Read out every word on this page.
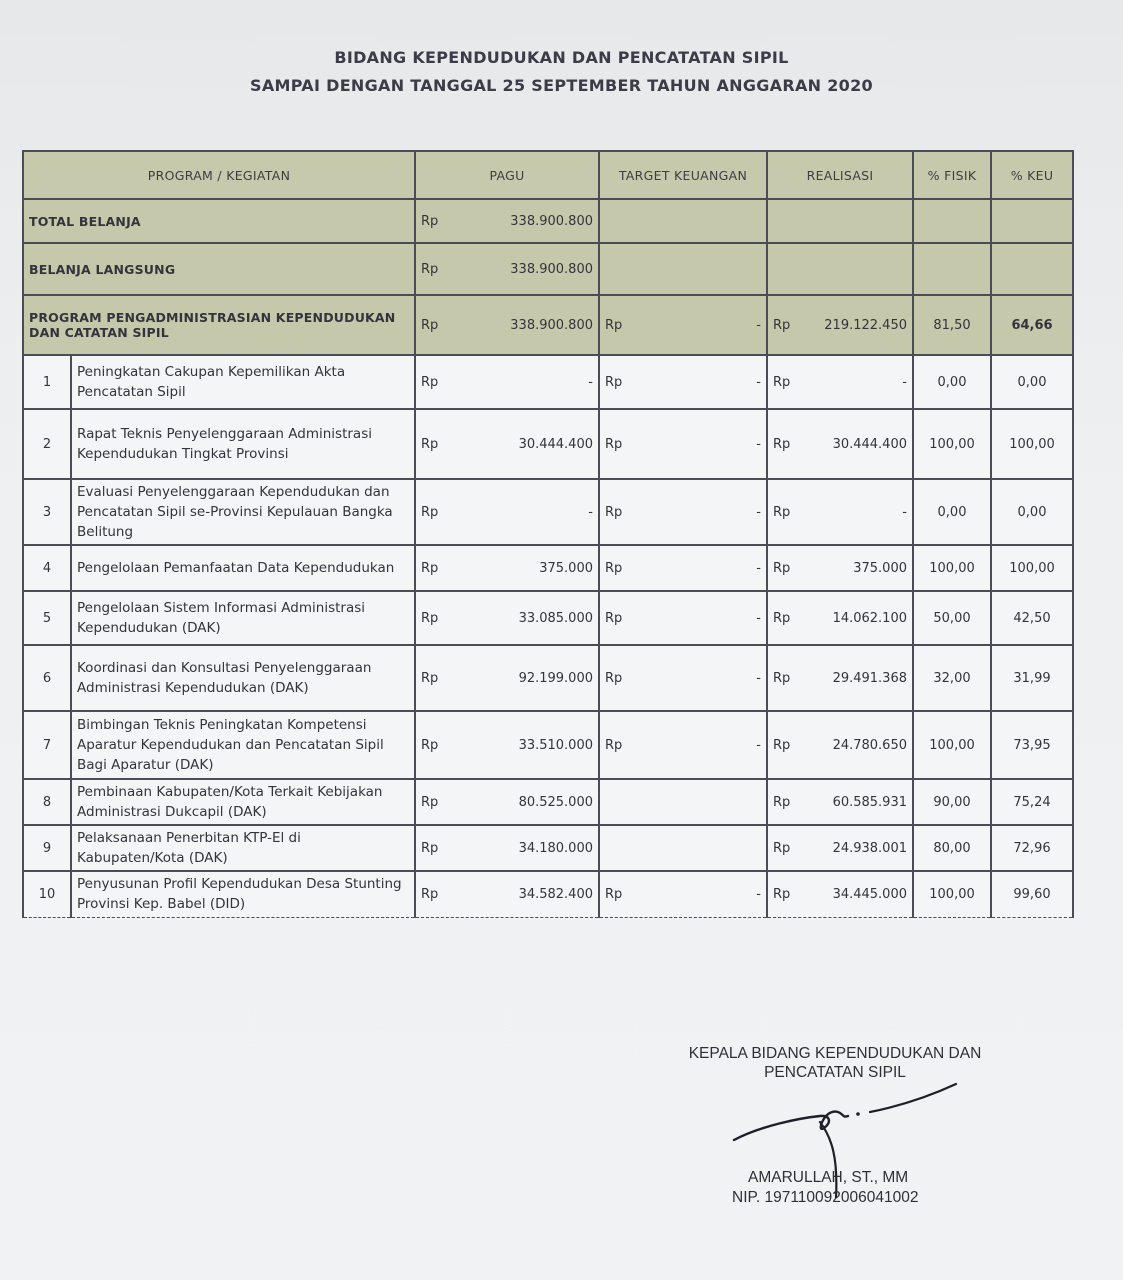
BIDANG KEPENDUDUKAN DAN PENCATATAN SIPIL
SAMPAI DENGAN TANGGAL 25 SEPTEMBER TAHUN ANGGARAN 2020
PROGRAM / KEGIATAN		PAGU	TARGET KEUANGAN	REALISASI	% FISIK	% KEU
TOTAL BELANJA		Rp 338.900.800				

BELANJA LANGSUNG		Rp 338.900.800				

PROGRAM PENGADMINISTRASIAN KEPENDUDUKAN DAN CATATAN SIPIL		Rp 338.900.800	Rp -	Rp 219.122.450	81,50	64,66
1	Peningkatan Cakupan Kepemilikan Akta Pencatatan Sipil	Rp -	Rp -	Rp -	0,00	0,00
2	Rapat Teknis Penyelenggaraan Administrasi Kependudukan Tingkat Provinsi	Rp 30.444.400	Rp -	Rp 30.444.400	100,00	100,00
3	Evaluasi Penyelenggaraan Kependudukan dan Pencatatan Sipil se-Provinsi Kepulauan Bangka Belitung	Rp -	Rp -	Rp -	0,00	0,00
4	Pengelolaan Pemanfaatan Data Kependudukan	Rp 375.000	Rp -	Rp 375.000	100,00	100,00
5	Pengelolaan Sistem Informasi Administrasi Kependudukan (DAK)	Rp 33.085.000	Rp -	Rp 14.062.100	50,00	42,50
6	Koordinasi dan Konsultasi Penyelenggaraan Administrasi Kependudukan (DAK)	Rp 92.199.000	Rp -	Rp 29.491.368	32,00	31,99
7	Bimbingan Teknis Peningkatan Kompetensi Aparatur Kependudukan dan Pencatatan Sipil Bagi Aparatur (DAK)	Rp 33.510.000	Rp -	Rp 24.780.650	100,00	73,95
8	Pembinaan Kabupaten/Kota Terkait Kebijakan Administrasi Dukcapil (DAK)	Rp 80.525.000		Rp 60.585.931	90,00	75,24
9	Pelaksanaan Penerbitan KTP-El di Kabupaten/Kota (DAK)	Rp 34.180.000		Rp 24.938.001	80,00	72,96
10	Penyusunan Profil Kependudukan Desa Stunting Provinsi Kep. Babel (DID)	Rp 34.582.400	Rp -	Rp 34.445.000	100,00	99,60
KEPALA BIDANG KEPENDUDUKAN DAN
PENCATATAN SIPIL
AMARULLAH, ST., MM
NIP. 197110092006041002
